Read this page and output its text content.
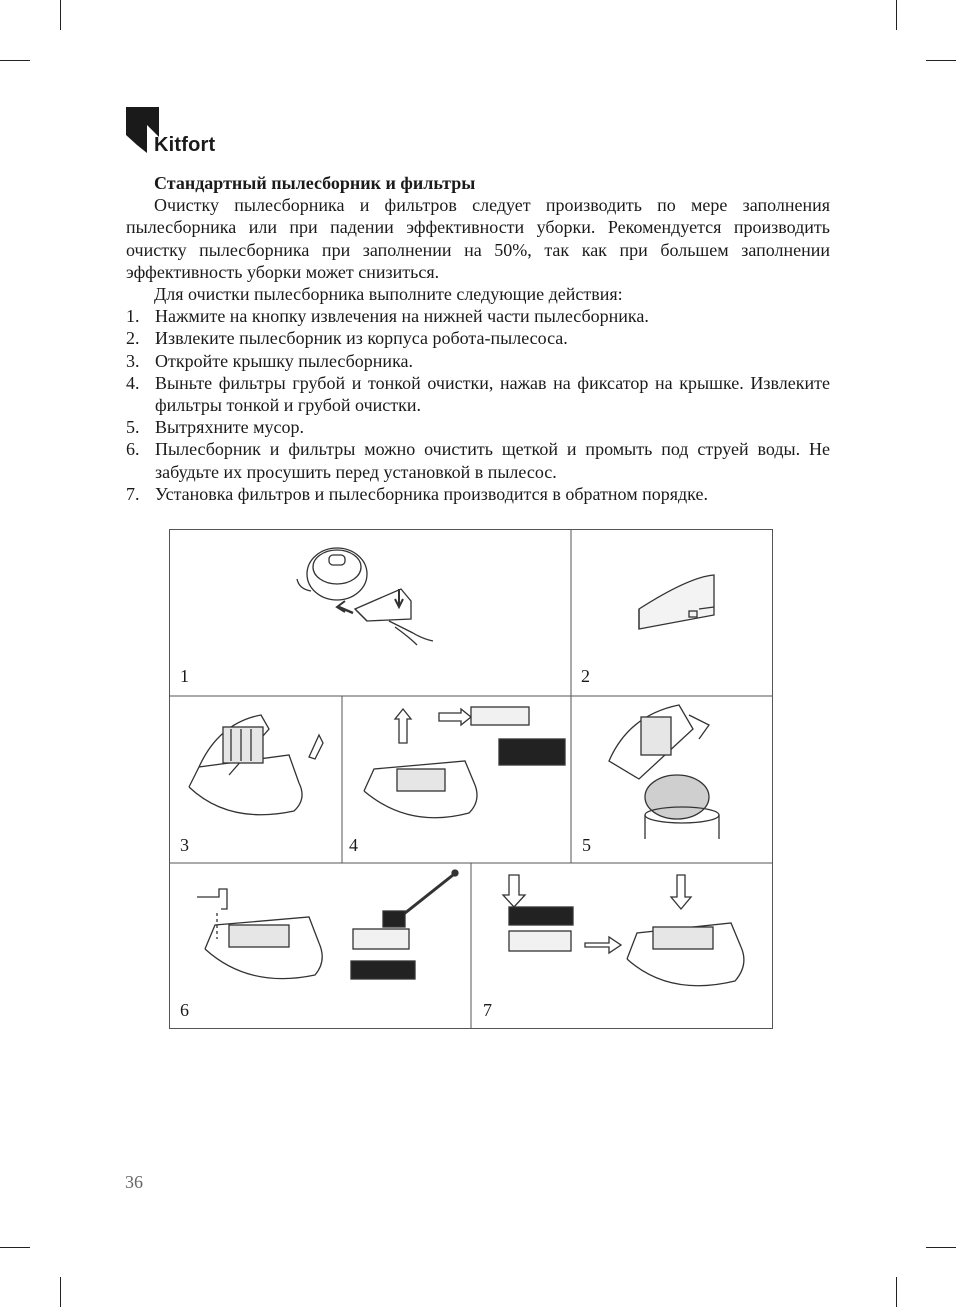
Kitfort

Стандартный пылесборник и фильтры

Очистку пылесборника и фильтров следует производить по мере заполнения пылесборника или при падении эффективности уборки. Рекомендуется производить очистку пылесборника при заполнении на 50%, так как при большем заполнении эффективность уборки может снизиться.

Для очистки пылесборника выполните следующие действия:

1. Нажмите на кнопку извлечения на нижней части пылесборника.
2. Извлеките пылесборник из корпуса робота-пылесоса.
3. Откройте крышку пылесборника.
4. Выньте фильтры грубой и тонкой очистки, нажав на фиксатор на крышке. Извлеките фильтры тонкой и грубой очистки.
5. Вытряхните мусор.
6. Пылесборник и фильтры можно очистить щеткой и промыть под струей воды. Не забудьте их просушить перед установкой в пылесос.
7. Установка фильтров и пылесборника производится в обратном порядке.
1	2
3	4	5
6	7
36
